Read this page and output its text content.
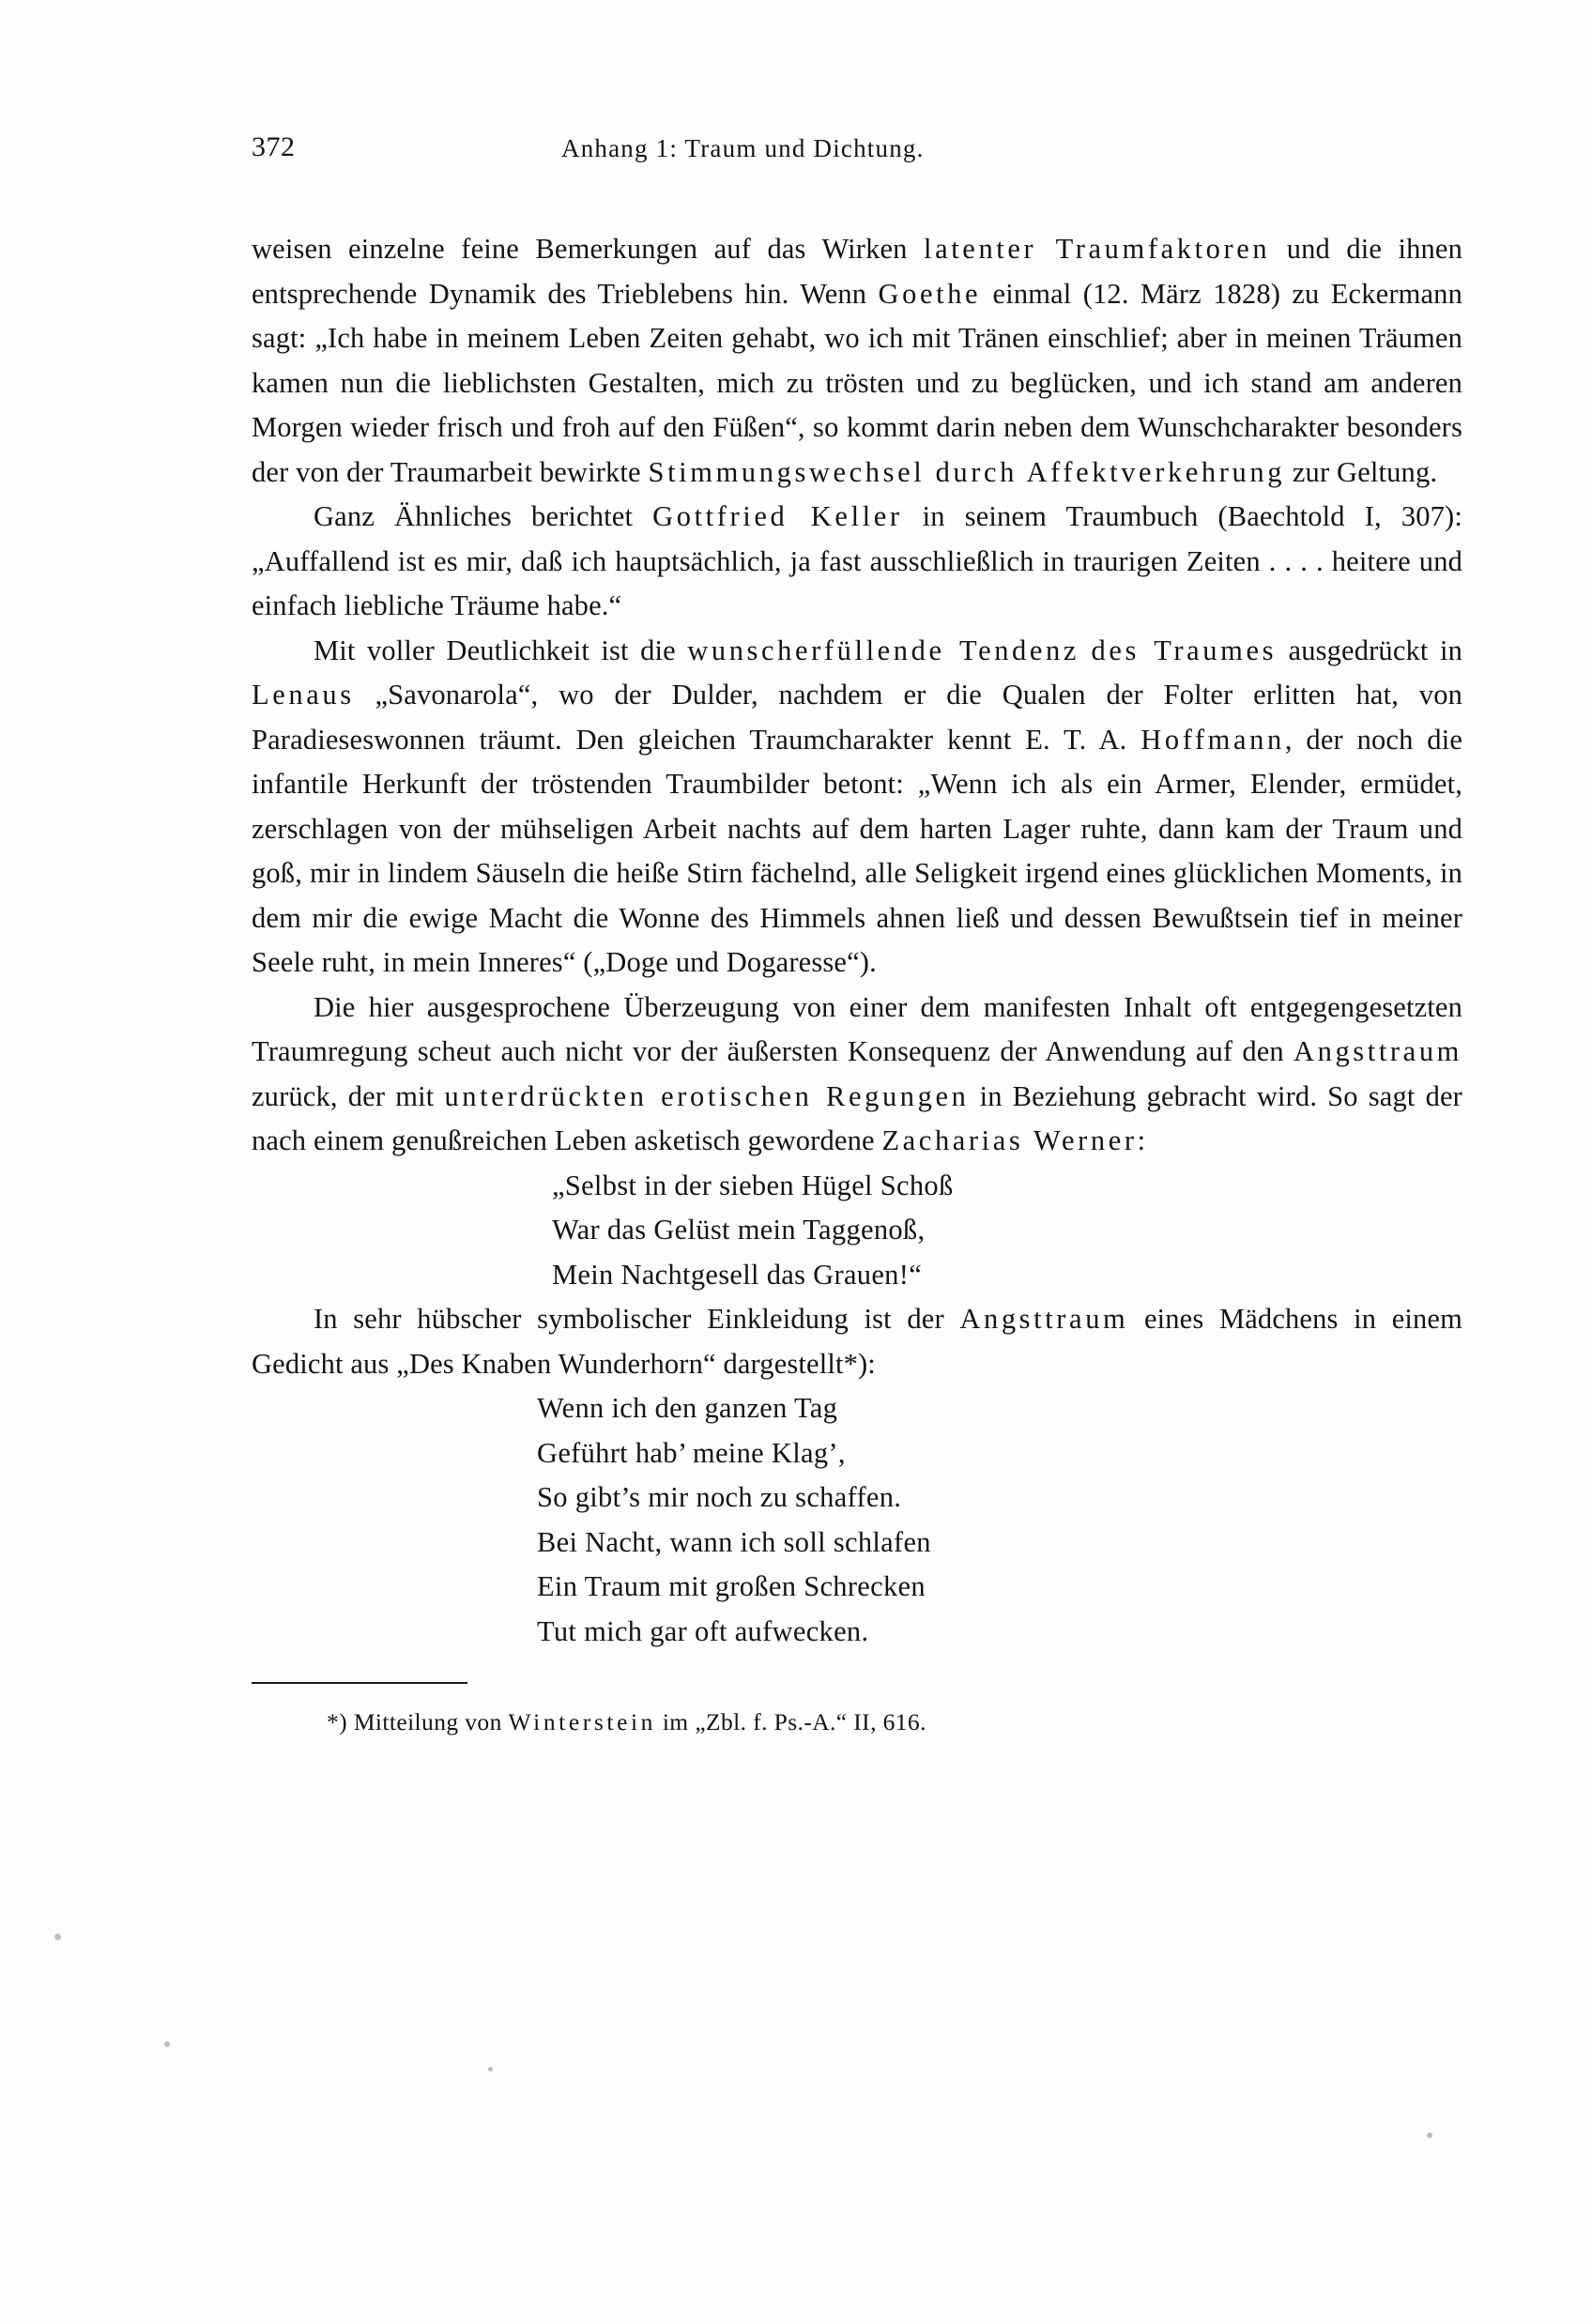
372	Anhang 1: Traum und Dichtung.

weisen einzelne feine Bemerkungen auf das Wirken latenter Traumfaktoren und die ihnen entsprechende Dynamik des Trieblebens hin. Wenn Goethe einmal (12. März 1828) zu Eckermann sagt: „Ich habe in meinem Leben Zeiten gehabt, wo ich mit Tränen einschlief; aber in meinen Träumen kamen nun die lieblichsten Gestalten, mich zu trösten und zu beglücken, und ich stand am anderen Morgen wieder frisch und froh auf den Füßen“, so kommt darin neben dem Wunschcharakter besonders der von der Traumarbeit bewirkte Stimmungswechsel durch Affektverkehrung zur Geltung.

Ganz Ähnliches berichtet Gottfried Keller in seinem Traumbuch (Baechtold I, 307): „Auffallend ist es mir, daß ich hauptsächlich, ja fast ausschließlich in traurigen Zeiten . . . . heitere und einfach liebliche Träume habe.“

Mit voller Deutlichkeit ist die wunscherfüllende Tendenz des Traumes ausgedrückt in Lenaus „Savonarola“, wo der Dulder, nachdem er die Qualen der Folter erlitten hat, von Paradieseswonnen träumt. Den gleichen Traumcharakter kennt E. T. A. Hoffmann, der noch die infantile Herkunft der tröstenden Traumbilder betont: „Wenn ich als ein Armer, Elender, ermüdet, zerschlagen von der mühseligen Arbeit nachts auf dem harten Lager ruhte, dann kam der Traum und goß, mir in lindem Säuseln die heiße Stirn fächelnd, alle Seligkeit irgend eines glücklichen Moments, in dem mir die ewige Macht die Wonne des Himmels ahnen ließ und dessen Bewußtsein tief in meiner Seele ruht, in mein Inneres“ („Doge und Dogaresse“).

Die hier ausgesprochene Überzeugung von einer dem manifesten Inhalt oft entgegengesetzten Traumregung scheut auch nicht vor der äußersten Konsequenz der Anwendung auf den Angsttraum zurück, der mit unterdrückten erotischen Regungen in Beziehung gebracht wird. So sagt der nach einem genußreichen Leben asketisch gewordene Zacharias Werner:

„Selbst in der sieben Hügel Schoß
War das Gelüst mein Taggenoß,
Mein Nachtgesell das Grauen!“

In sehr hübscher symbolischer Einkleidung ist der Angsttraum eines Mädchens in einem Gedicht aus „Des Knaben Wunderhorn“ dargestellt*):

Wenn ich den ganzen Tag
Geführt hab’ meine Klag’,
So gibt’s mir noch zu schaffen.
Bei Nacht, wann ich soll schlafen
Ein Traum mit großen Schrecken
Tut mich gar oft aufwecken.
*) Mitteilung von Winterstein im „Zbl. f. Ps.-A.“ II, 616.
